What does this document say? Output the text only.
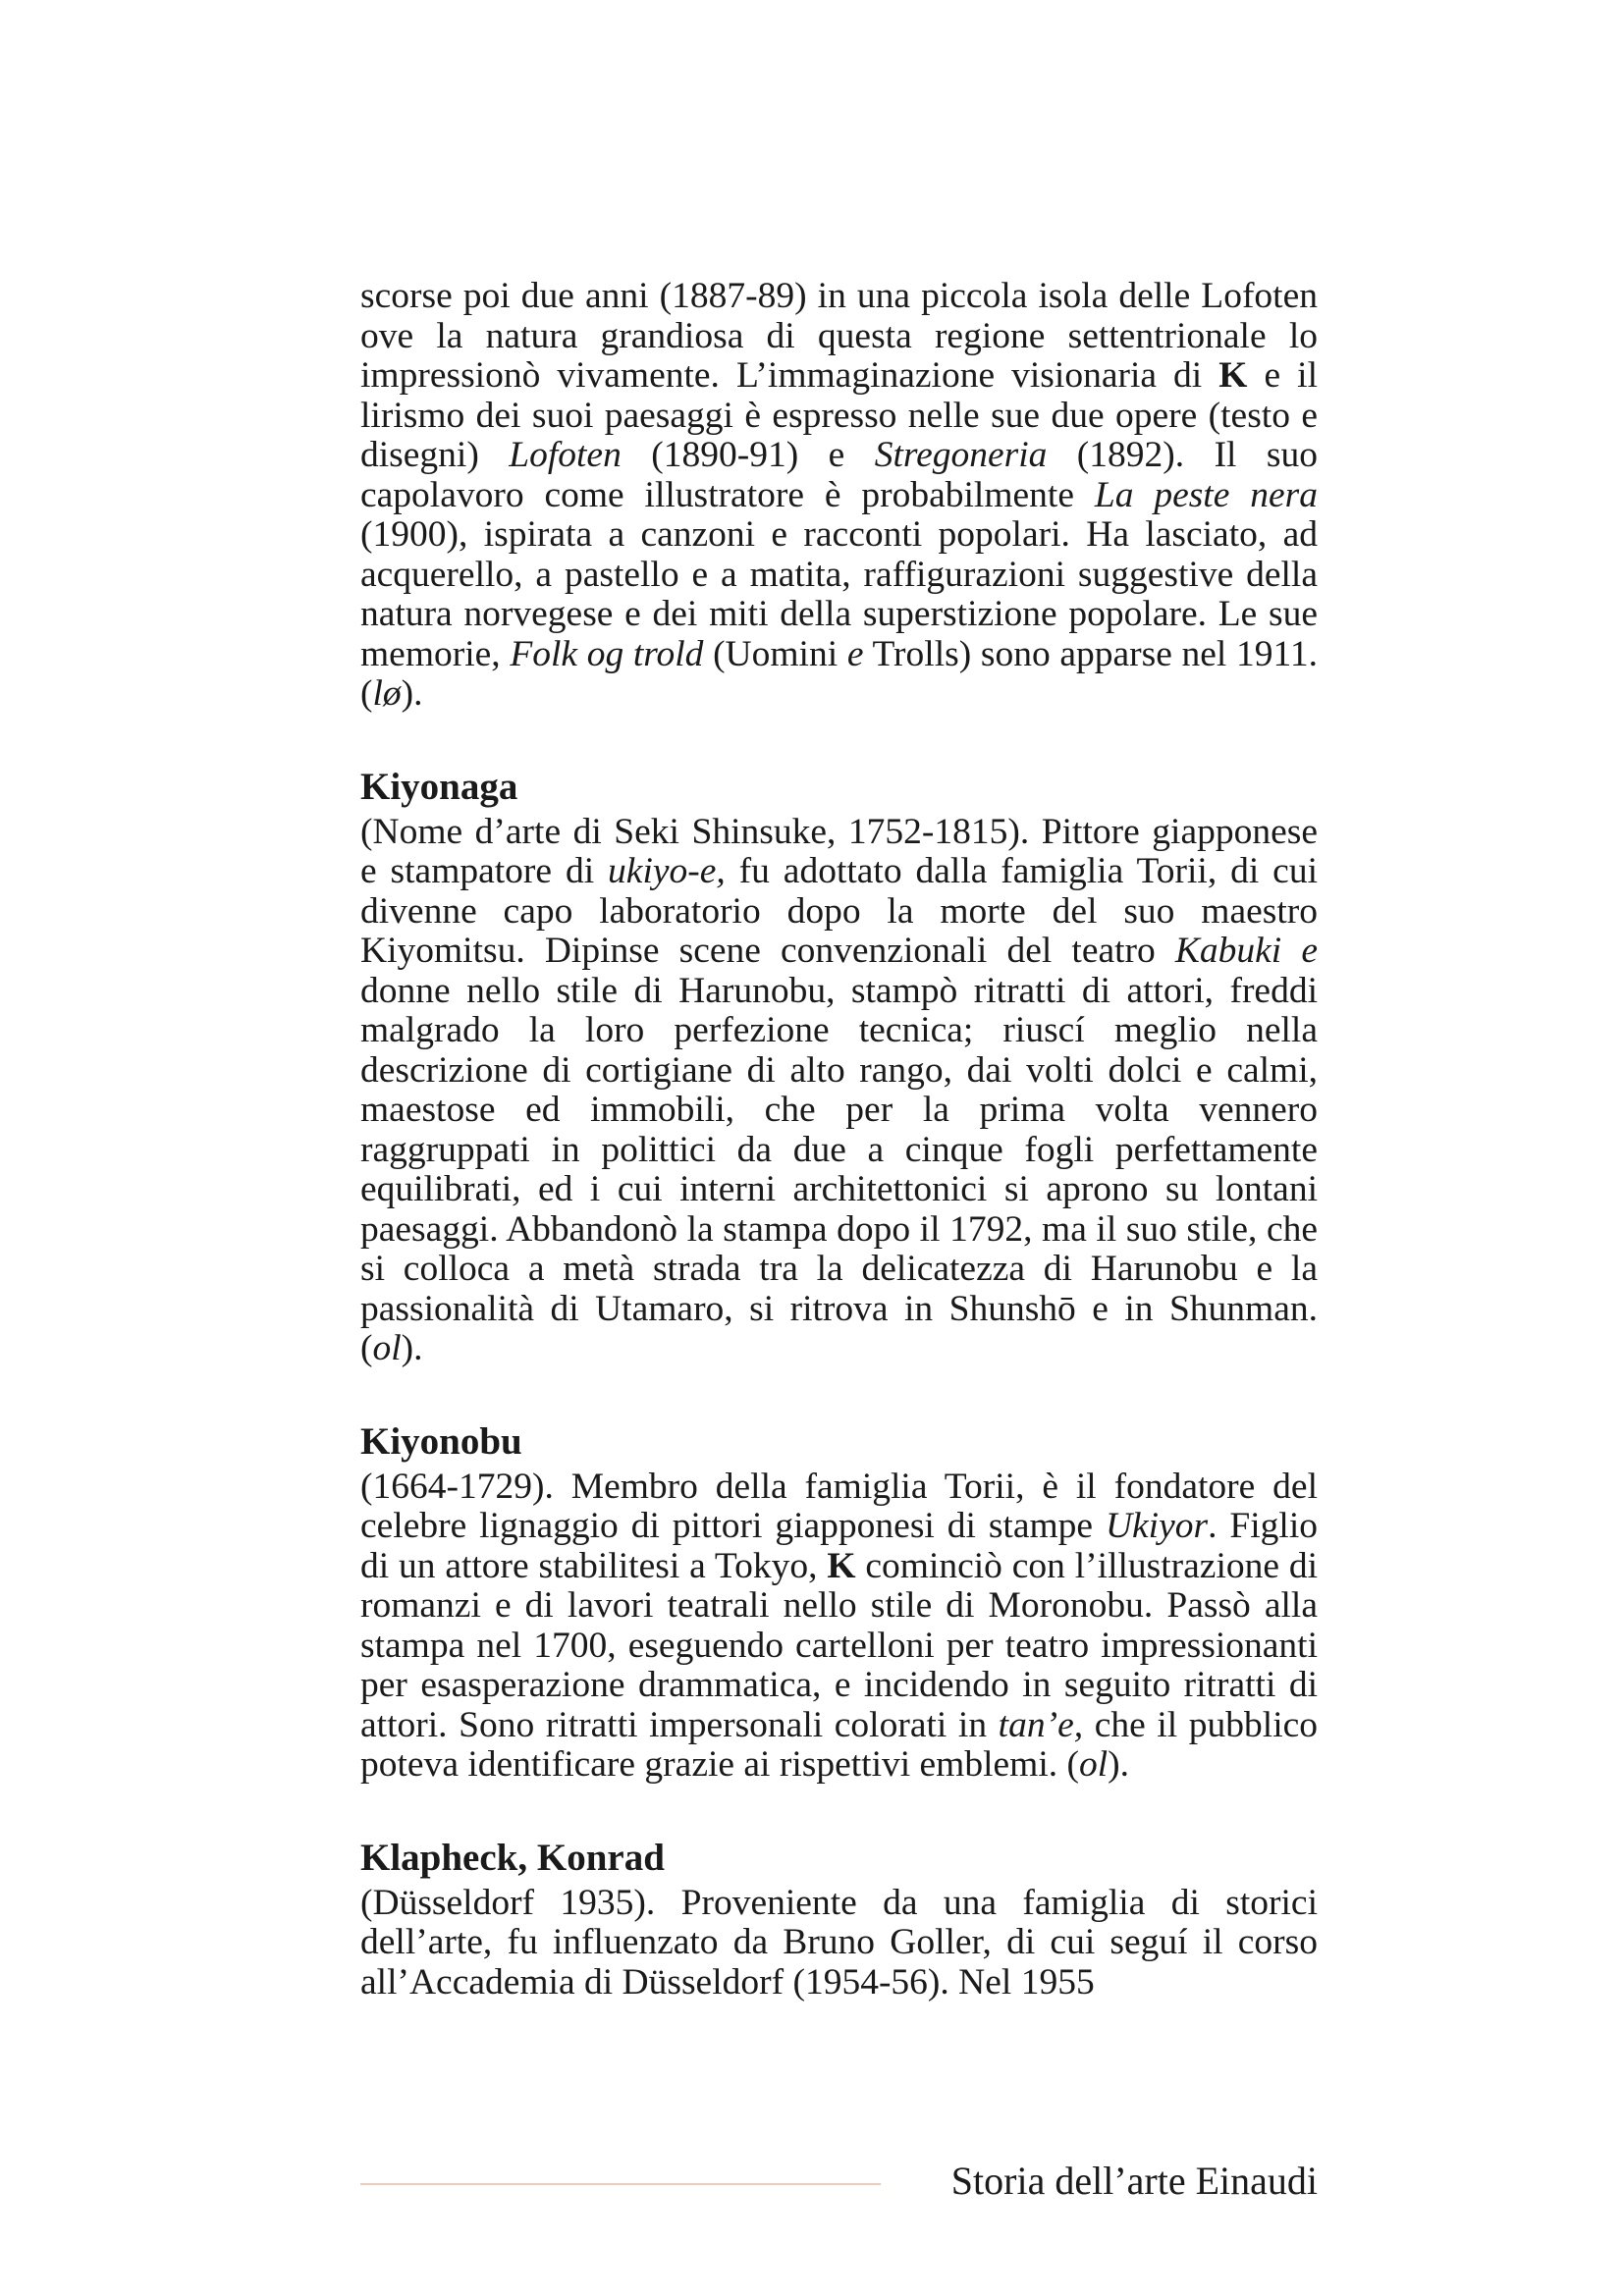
scorse poi due anni (1887-89) in una piccola isola delle Lofoten ove la natura grandiosa di questa regione settentrionale lo impressionò vivamente. L’immaginazione visionaria di K e il lirismo dei suoi paesaggi è espresso nelle sue due opere (testo e disegni) Lofoten (1890-91) e Stregoneria (1892). Il suo capolavoro come illustratore è probabilmente La peste nera (1900), ispirata a canzoni e racconti popolari. Ha lasciato, ad acquerello, a pastello e a matita, raffigurazioni suggestive della natura norvegese e dei miti della superstizione popolare. Le sue memorie, Folk og trold (Uomini e Trolls) sono apparse nel 1911. (lø).

Kiyonaga

(Nome d’arte di Seki Shinsuke, 1752-1815). Pittore giapponese e stampatore di ukiyo-e, fu adottato dalla famiglia Torii, di cui divenne capo laboratorio dopo la morte del suo maestro Kiyomitsu. Dipinse scene convenzionali del teatro Kabuki e donne nello stile di Harunobu, stampò ritratti di attori, freddi malgrado la loro perfezione tecnica; riuscí meglio nella descrizione di cortigiane di alto rango, dai volti dolci e calmi, maestose ed immobili, che per la prima volta vennero raggruppati in polittici da due a cinque fogli perfettamente equilibrati, ed i cui interni architettonici si aprono su lontani paesaggi. Abbandonò la stampa dopo il 1792, ma il suo stile, che si colloca a metà strada tra la delicatezza di Harunobu e la passionalità di Utamaro, si ritrova in Shunshō e in Shunman. (ol).

Kiyonobu

(1664-1729). Membro della famiglia Torii, è il fondatore del celebre lignaggio di pittori giapponesi di stampe Ukiyor. Figlio di un attore stabilitesi a Tokyo, K cominciò con l’illustrazione di romanzi e di lavori teatrali nello stile di Moronobu. Passò alla stampa nel 1700, eseguendo cartelloni per teatro impressionanti per esasperazione drammatica, e incidendo in seguito ritratti di attori. Sono ritratti impersonali colorati in tan’e, che il pubblico poteva identificare grazie ai rispettivi emblemi. (ol).

Klapheck, Konrad

(Düsseldorf 1935). Proveniente da una famiglia di storici dell’arte, fu influenzato da Bruno Goller, di cui seguí il corso all’Accademia di Düsseldorf (1954-56). Nel 1955

Storia dell’arte Einaudi
